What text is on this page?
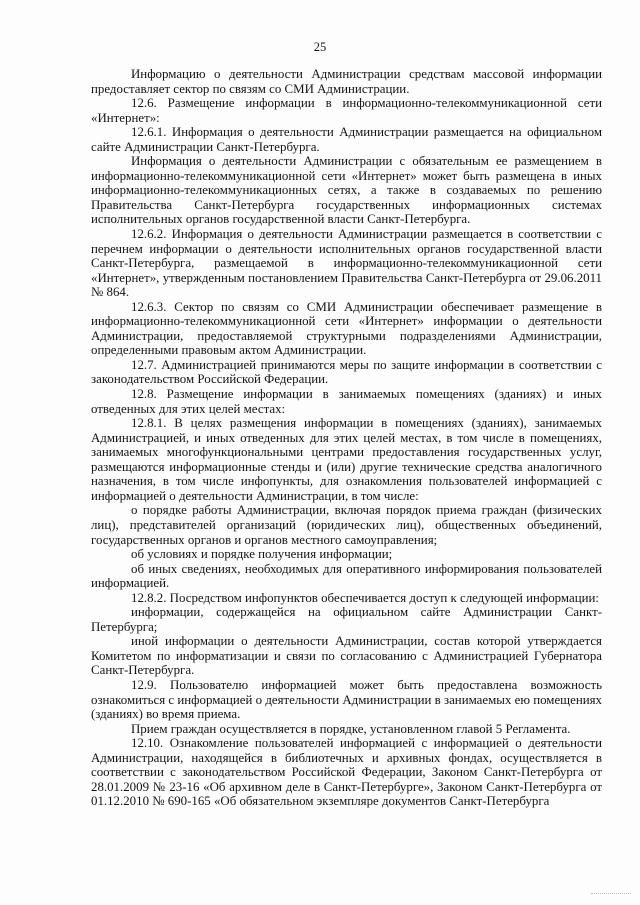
25

Информацию о деятельности Администрации средствам массовой информации предоставляет сектор по связям со СМИ Администрации.

12.6. Размещение информации в информационно-телекоммуникационной сети «Интернет»:

12.6.1. Информация о деятельности Администрации размещается на официальном сайте Администрации Санкт-Петербурга.

Информация о деятельности Администрации с обязательным ее размещением в информационно-телекоммуникационной сети «Интернет» может быть размещена в иных информационно-телекоммуникационных сетях, а также в создаваемых по решению Правительства Санкт-Петербурга государственных информационных системах исполнительных органов государственной власти Санкт-Петербурга.

12.6.2. Информация о деятельности Администрации размещается в соответствии с перечнем информации о деятельности исполнительных органов государственной власти Санкт-Петербурга, размещаемой в информационно-телекоммуникационной сети «Интернет», утвержденным постановлением Правительства Санкт-Петербурга от 29.06.2011 № 864.

12.6.3. Сектор по связям со СМИ Администрации обеспечивает размещение в информационно-телекоммуникационной сети «Интернет» информации о деятельности Администрации, предоставляемой структурными подразделениями Администрации, определенными правовым актом Администрации.

12.7. Администрацией принимаются меры по защите информации в соответствии с законодательством Российской Федерации.

12.8. Размещение информации в занимаемых помещениях (зданиях) и иных отведенных для этих целей местах:

12.8.1. В целях размещения информации в помещениях (зданиях), занимаемых Администрацией, и иных отведенных для этих целей местах, в том числе в помещениях, занимаемых многофункциональными центрами предоставления государственных услуг, размещаются информационные стенды и (или) другие технические средства аналогичного назначения, в том числе инфопункты, для ознакомления пользователей информацией с информацией о деятельности Администрации, в том числе:

о порядке работы Администрации, включая порядок приема граждан (физических лиц), представителей организаций (юридических лиц), общественных объединений, государственных органов и органов местного самоуправления;

об условиях и порядке получения информации;

об иных сведениях, необходимых для оперативного информирования пользователей информацией.

12.8.2. Посредством инфопунктов обеспечивается доступ к следующей информации:

информации, содержащейся на официальном сайте Администрации Санкт-Петербурга;

иной информации о деятельности Администрации, состав которой утверждается Комитетом по информатизации и связи по согласованию с Администрацией Губернатора Санкт-Петербурга.

12.9. Пользователю информацией может быть предоставлена возможность ознакомиться с информацией о деятельности Администрации в занимаемых ею помещениях (зданиях) во время приема.

Прием граждан осуществляется в порядке, установленном главой 5 Регламента.

12.10. Ознакомление пользователей информацией с информацией о деятельности Администрации, находящейся в библиотечных и архивных фондах, осуществляется в соответствии с законодательством Российской Федерации, Законом Санкт-Петербурга от 28.01.2009 № 23-16 «Об архивном деле в Санкт-Петербурге», Законом Санкт-Петербурга от 01.12.2010 № 690-165 «Об обязательном экземпляре документов Санкт-Петербурга
